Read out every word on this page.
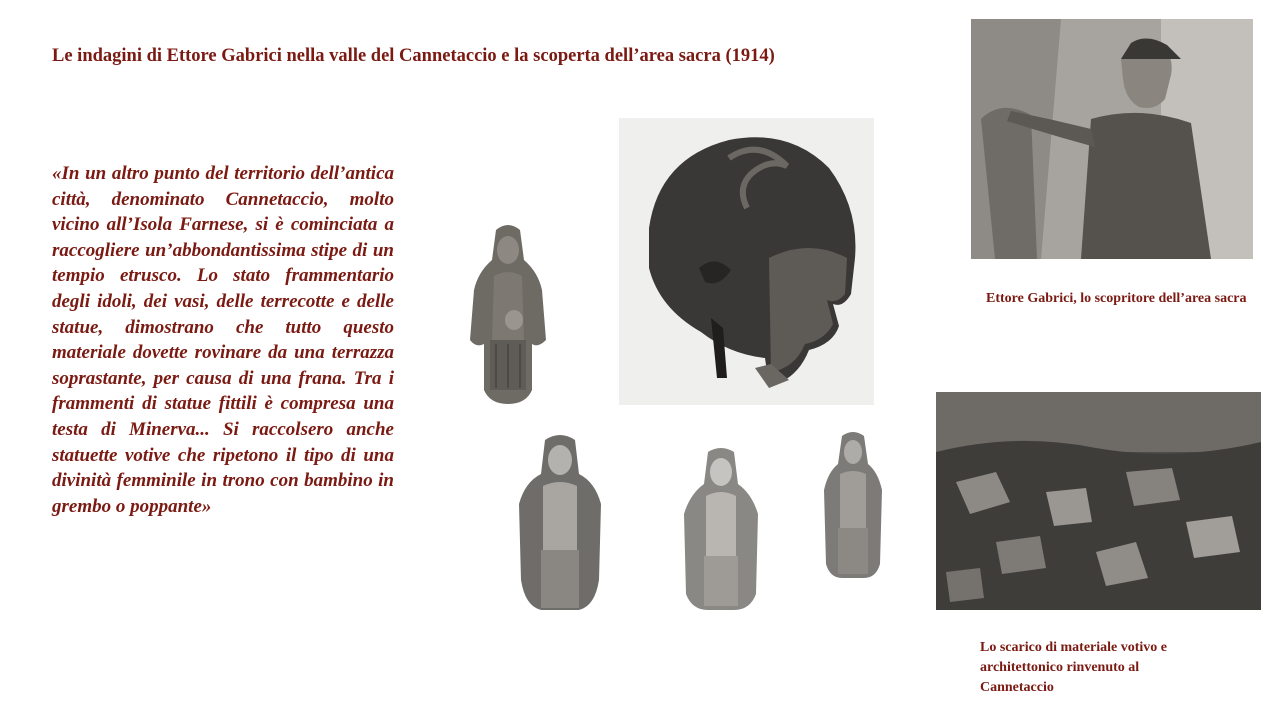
Le indagini di Ettore Gabrici nella valle del Cannetaccio e la scoperta dell’area sacra (1914)
«In un altro punto del territorio dell’antica città, denominato Cannetaccio, molto vicino all’Isola Farnese, si è cominciata a raccogliere un’abbondantissima stipe di un tempio etrusco. Lo stato frammentario degli idoli, dei vasi, delle terrecotte e delle statue, dimostrano che tutto questo materiale dovette rovinare da una terrazza soprastante, per causa di una frana. Tra i frammenti di statue fittili è compresa una testa di Minerva... Si raccolsero anche statuette votive che ripetono il tipo di una divinità femminile in trono con bambino in grembo o poppante»
Ettore Gabrici, lo scopritore dell’area sacra
Lo scarico di materiale votivo e architettonico rinvenuto al Cannetaccio
